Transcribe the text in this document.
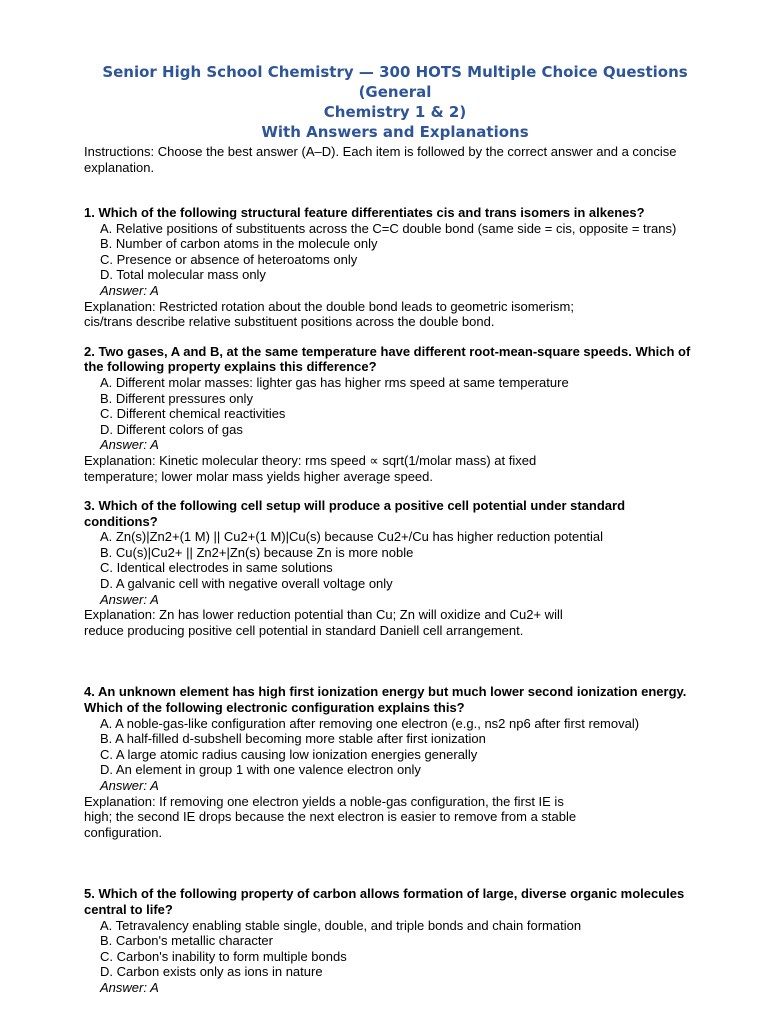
Senior High School Chemistry — 300 HOTS Multiple Choice Questions (General
Chemistry 1 & 2)
With Answers and Explanations
Instructions: Choose the best answer (A–D). Each item is followed by the correct answer and a concise explanation.
1. Which of the following structural feature differentiates cis and trans isomers in alkenes?
A. Relative positions of substituents across the C=C double bond (same side = cis, opposite = trans)
B. Number of carbon atoms in the molecule only
C. Presence or absence of heteroatoms only
D. Total molecular mass only
Answer: A
Explanation: Restricted rotation about the double bond leads to geometric isomerism;
cis/trans describe relative substituent positions across the double bond.
2. Two gases, A and B, at the same temperature have different root-mean-square speeds. Which of the following property explains this difference?
A. Different molar masses: lighter gas has higher rms speed at same temperature
B. Different pressures only
C. Different chemical reactivities
D. Different colors of gas
Answer: A
Explanation: Kinetic molecular theory: rms speed ∝ sqrt(1/molar mass) at fixed
temperature; lower molar mass yields higher average speed.
3. Which of the following cell setup will produce a positive cell potential under standard conditions?
A. Zn(s)|Zn2+(1 M) || Cu2+(1 M)|Cu(s) because Cu2+/Cu has higher reduction potential
B. Cu(s)|Cu2+ || Zn2+|Zn(s) because Zn is more noble
C. Identical electrodes in same solutions
D. A galvanic cell with negative overall voltage only
Answer: A
Explanation: Zn has lower reduction potential than Cu; Zn will oxidize and Cu2+ will
reduce producing positive cell potential in standard Daniell cell arrangement.
4. An unknown element has high first ionization energy but much lower second ionization energy. Which of the following electronic configuration explains this?
A. A noble-gas-like configuration after removing one electron (e.g., ns2 np6 after first removal)
B. A half-filled d-subshell becoming more stable after first ionization
C. A large atomic radius causing low ionization energies generally
D. An element in group 1 with one valence electron only
Answer: A
Explanation: If removing one electron yields a noble-gas configuration, the first IE is
high; the second IE drops because the next electron is easier to remove from a stable
configuration.
5. Which of the following property of carbon allows formation of large, diverse organic molecules central to life?
A. Tetravalency enabling stable single, double, and triple bonds and chain formation
B. Carbon's metallic character
C. Carbon's inability to form multiple bonds
D. Carbon exists only as ions in nature
Answer: A
